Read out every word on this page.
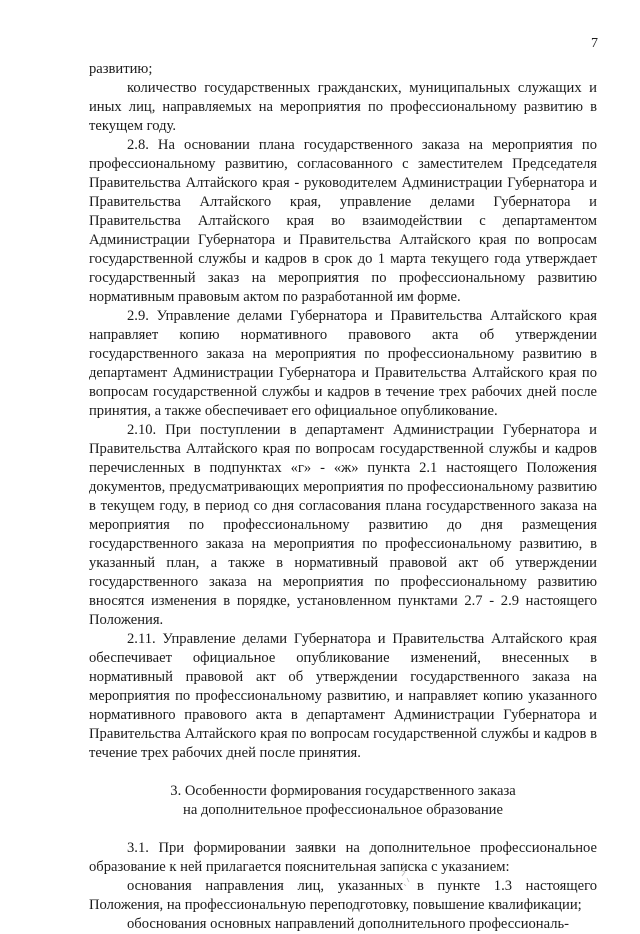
7

развитию;

количество государственных гражданских, муниципальных служащих и иных лиц, направляемых на мероприятия по профессиональному развитию в текущем году.

2.8. На основании плана государственного заказа на мероприятия по профессиональному развитию, согласованного с заместителем Председателя Правительства Алтайского края - руководителем Администрации Губернатора и Правительства Алтайского края, управление делами Губернатора и Правительства Алтайского края во взаимодействии с департаментом Администрации Губернатора и Правительства Алтайского края по вопросам государственной службы и кадров в срок до 1 марта текущего года утверждает государственный заказ на мероприятия по профессиональному развитию нормативным правовым актом по разработанной им форме.

2.9. Управление делами Губернатора и Правительства Алтайского края направляет копию нормативного правового акта об утверждении государственного заказа на мероприятия по профессиональному развитию в департамент Администрации Губернатора и Правительства Алтайского края по вопросам государственной службы и кадров в течение трех рабочих дней после принятия, а также обеспечивает его официальное опубликование.

2.10. При поступлении в департамент Администрации Губернатора и Правительства Алтайского края по вопросам государственной службы и кадров перечисленных в подпунктах «г» - «ж» пункта 2.1 настоящего Положения документов, предусматривающих мероприятия по профессиональному развитию в текущем году, в период со дня согласования плана государственного заказа на мероприятия по профессиональному развитию до дня размещения государственного заказа на мероприятия по профессиональному развитию, в указанный план, а также в нормативный правовой акт об утверждении государственного заказа на мероприятия по профессиональному развитию вносятся изменения в порядке, установленном пунктами 2.7 - 2.9 настоящего Положения.

2.11. Управление делами Губернатора и Правительства Алтайского края обеспечивает официальное опубликование изменений, внесенных в нормативный правовой акт об утверждении государственного заказа на мероприятия по профессиональному развитию, и направляет копию указанного нормативного правового акта в департамент Администрации Губернатора и Правительства Алтайского края по вопросам государственной службы и кадров в течение трех рабочих дней после принятия.

3. Особенности формирования государственного заказа

на дополнительное профессиональное образование

3.1. При формировании заявки на дополнительное профессиональное образование к ней прилагается пояснительная записка с указанием:

основания направления лиц, указанных в пункте 1.3 настоящего Положения, на профессиональную переподготовку, повышение квалификации;

обоснования основных направлений дополнительного профессиональ-
